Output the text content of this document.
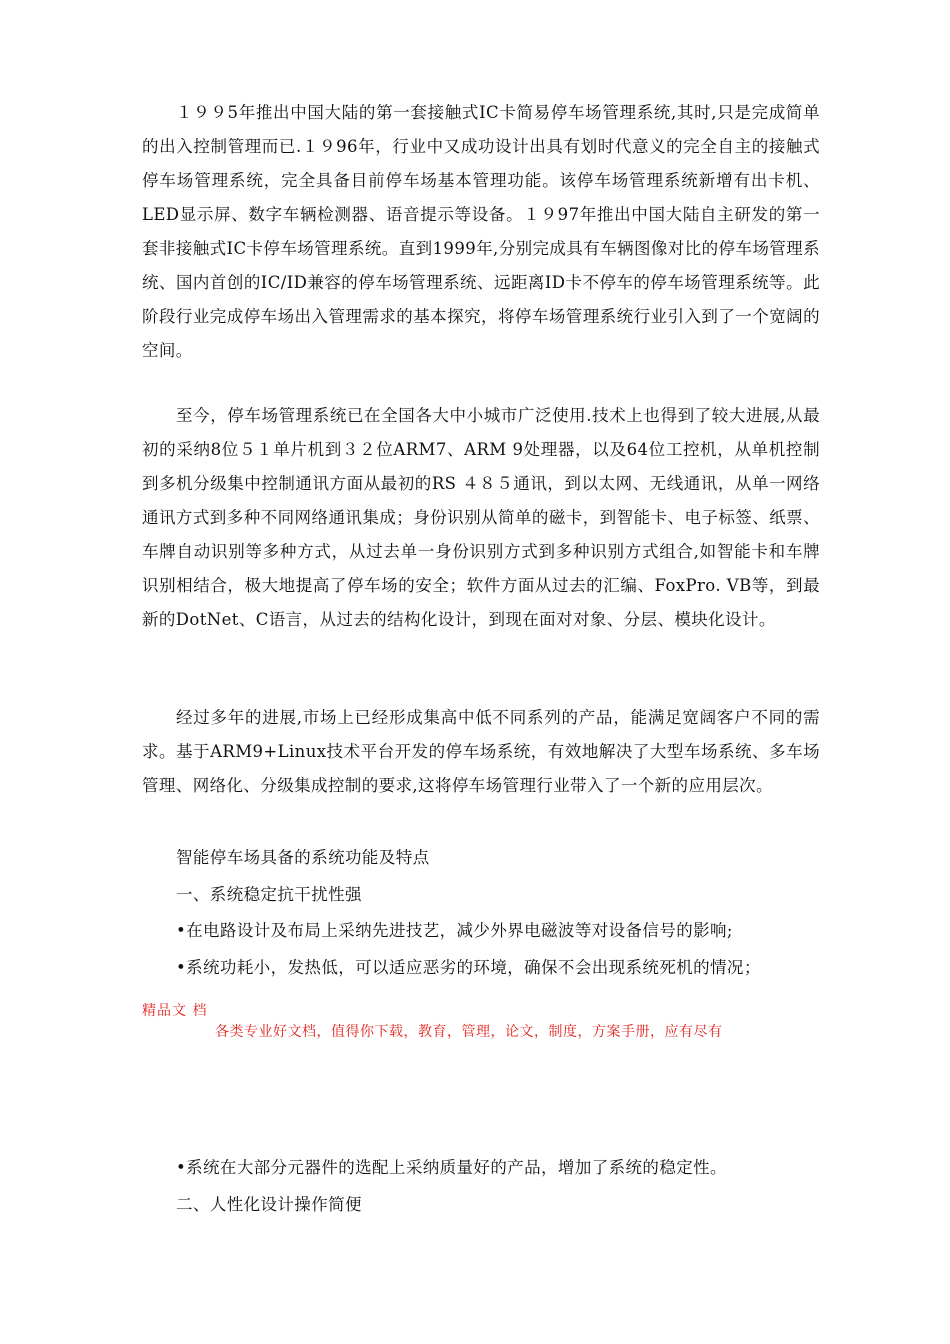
１９９5年推出中国大陆的第一套接触式IC卡简易停车场管理系统,其时,只是完成简单的出入控制管理而已.１９96年，行业中又成功设计出具有划时代意义的完全自主的接触式停车场管理系统，完全具备目前停车场基本管理功能。该停车场管理系统新增有出卡机、LED显示屏、数字车辆检测器、语音提示等设备。１９97年推出中国大陆自主研发的第一套非接触式IC卡停车场管理系统。直到1999年,分别完成具有车辆图像对比的停车场管理系统、国内首创的IC/ID兼容的停车场管理系统、远距离ID卡不停车的停车场管理系统等。此阶段行业完成停车场出入管理需求的基本探究，将停车场管理系统行业引入到了一个宽阔的空间。

至今，停车场管理系统已在全国各大中小城市广泛使用.技术上也得到了较大进展,从最初的采纳8位５１单片机到３２位ARM7、ARM 9处理器，以及64位工控机，从单机控制到多机分级集中控制通讯方面从最初的RS ４８５通讯，到以太网、无线通讯，从单一网络通讯方式到多种不同网络通讯集成；身份识别从简单的磁卡，到智能卡、电子标签、纸票、车牌自动识别等多种方式，从过去单一身份识别方式到多种识别方式组合,如智能卡和车牌识别相结合，极大地提高了停车场的安全；软件方面从过去的汇编、FoxPro. VB等，到最新的DotNet、C语言，从过去的结构化设计，到现在面对对象、分层、模块化设计。

经过多年的进展,市场上已经形成集高中低不同系列的产品，能满足宽阔客户不同的需求。基于ARM9+Linux技术平台开发的停车场系统，有效地解决了大型车场系统、多车场管理、网络化、分级集成控制的要求,这将停车场管理行业带入了一个新的应用层次。

智能停车场具备的系统功能及特点

一、系统稳定抗干扰性强

•在电路设计及布局上采纳先进技艺，减少外界电磁波等对设备信号的影响;

•系统功耗小，发热低，可以适应恶劣的环境，确保不会出现系统死机的情况；

精品文 档
各类专业好文档，值得你下载，教育，管理，论文，制度，方案手册，应有尽有

•系统在大部分元器件的选配上采纳质量好的产品，增加了系统的稳定性。

二、人性化设计操作简便
